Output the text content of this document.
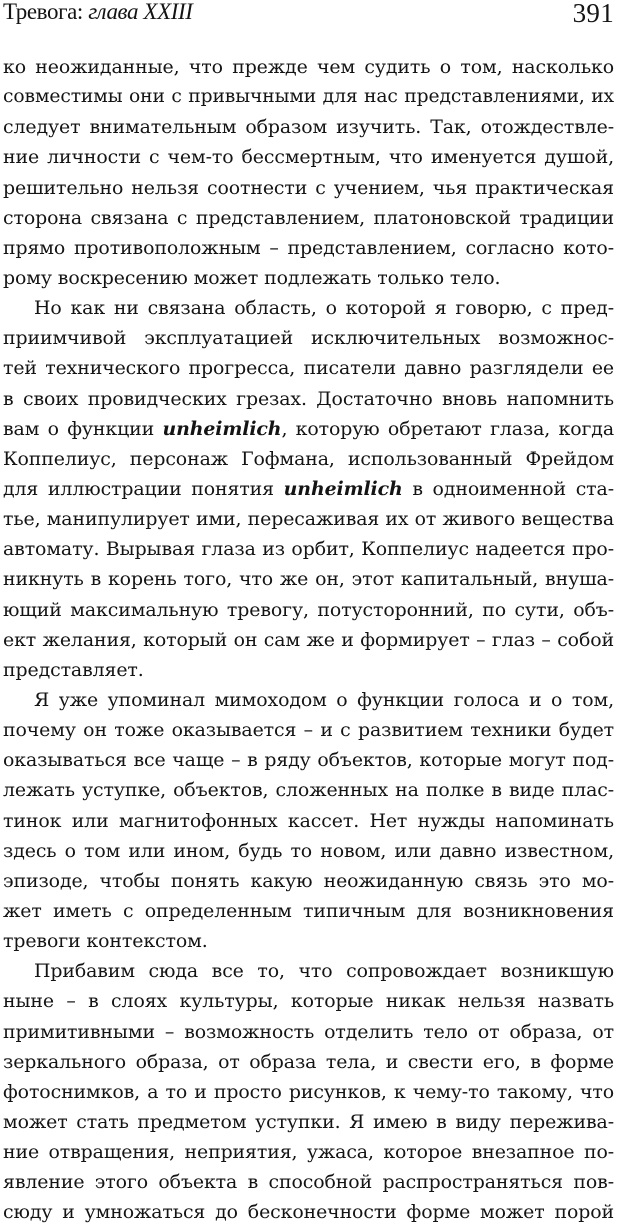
Тревога: глава XXIII	391
ко неожиданные, что прежде чем судить о том, насколько
совместимы они с привычными для нас представлениями, их
следует внимательным образом изучить. Так, отождествле-
ние личности с чем-то бессмертным, что именуется душой,
решительно нельзя соотнести с учением, чья практическая
сторона связана с представлением, платоновской традиции
прямо противоположным – представлением, согласно кото-
рому воскресению может подлежать только тело.
Но как ни связана область, о которой я говорю, с пред-
приимчивой эксплуатацией исключительных возможнос-
тей технического прогресса, писатели давно разглядели ее
в своих провидческих грезах. Достаточно вновь напомнить
вам о функции unheimlich, которую обретают глаза, когда
Коппелиус, персонаж Гофмана, использованный Фрейдом
для иллюстрации понятия unheimlich в одноименной ста-
тье, манипулирует ими, пересаживая их от живого вещества
автомату. Вырывая глаза из орбит, Коппелиус надеется про-
никнуть в корень того, что же он, этот капитальный, внуша-
ющий максимальную тревогу, потусторонний, по сути, объ-
ект желания, который он сам же и формирует – глаз – собой
представляет.
Я уже упоминал мимоходом о функции голоса и о том,
почему он тоже оказывается – и с развитием техники будет
оказываться все чаще – в ряду объектов, которые могут под-
лежать уступке, объектов, сложенных на полке в виде плас-
тинок или магнитофонных кассет. Нет нужды напоминать
здесь о том или ином, будь то новом, или давно известном,
эпизоде, чтобы понять какую неожиданную связь это мо-
жет иметь с определенным типичным для возникновения
тревоги контекстом.
Прибавим сюда все то, что сопровождает возникшую
ныне – в слоях культуры, которые никак нельзя назвать
примитивными – возможность отделить тело от образа, от
зеркального образа, от образа тела, и свести его, в форме
фотоснимков, а то и просто рисунков, к чему-то такому, что
может стать предметом уступки. Я имею в виду пережива-
ние отвращения, неприятия, ужаса, которое внезапное по-
явление этого объекта в способной распространяться пов-
сюду и умножаться до бесконечности форме может порой
